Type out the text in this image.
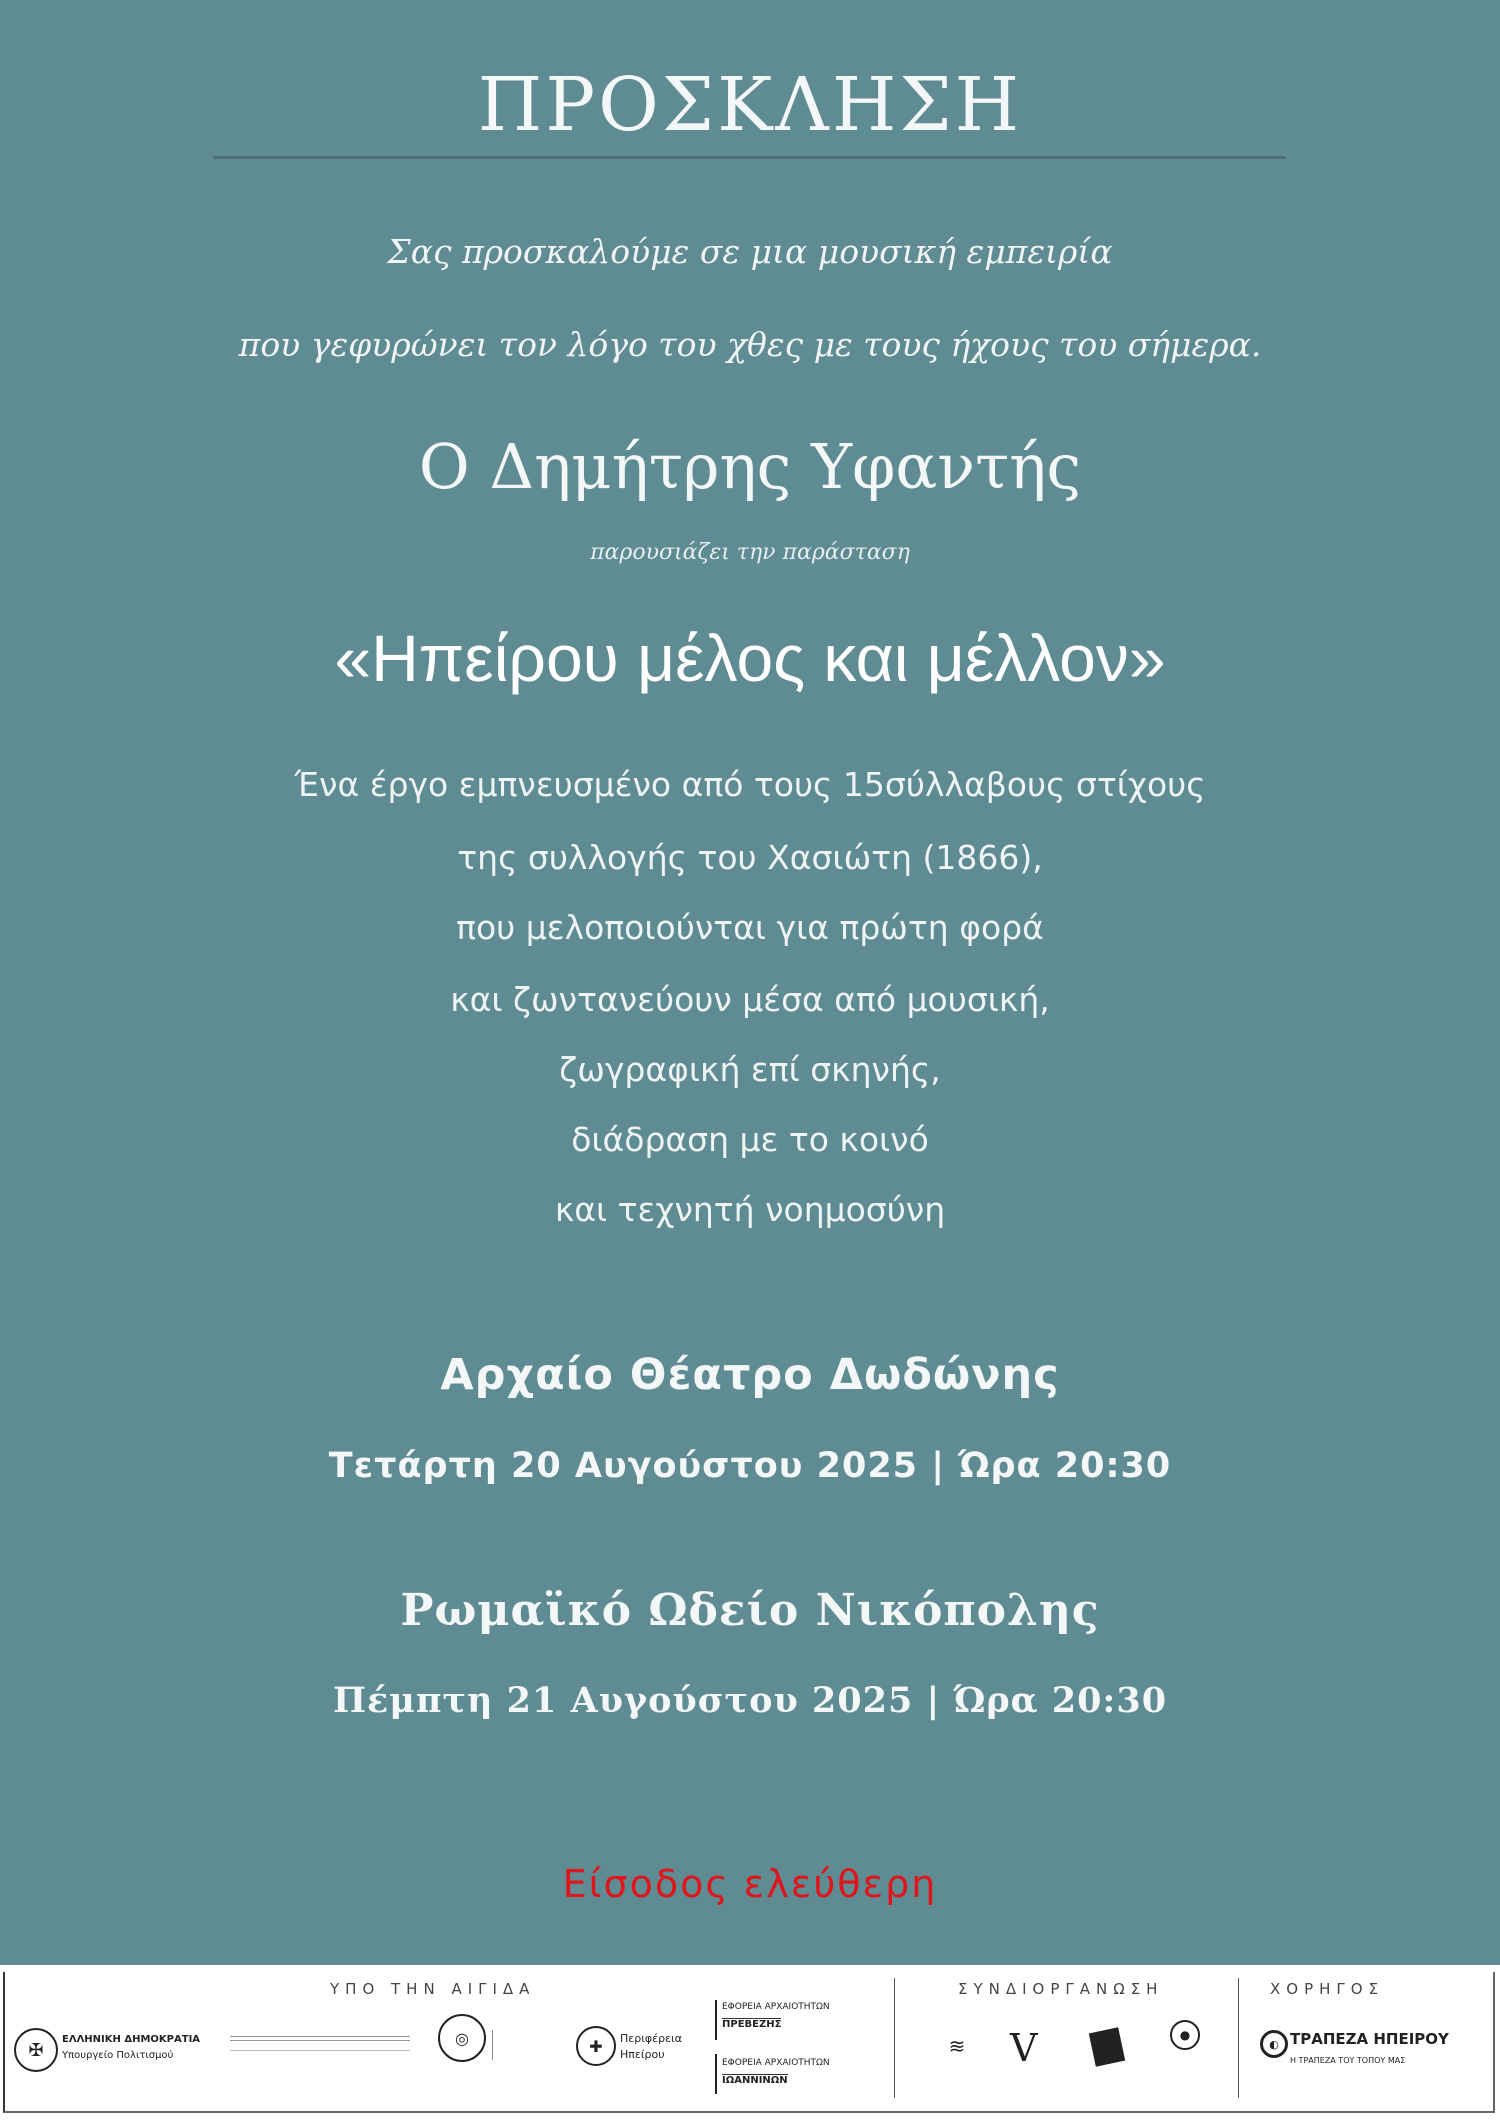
ΠΡΟΣΚΛΗΣΗ
Σας προσκαλούμε σε μια μουσική εμπειρία
που γεφυρώνει τον λόγο του χθες με τους ήχους του σήμερα.
Ο Δημήτρης Υφαντής
παρουσιάζει την παράσταση
«Ηπείρου μέλος και μέλλον»
Ένα έργο εμπνευσμένο από τους 15σύλλαβους στίχους
της συλλογής του Χασιώτη (1866),
που μελοποιούνται για πρώτη φορά
και ζωντανεύουν μέσα από μουσική,
ζωγραφική επί σκηνής,
διάδραση με το κοινό
και τεχνητή νοημοσύνη
Αρχαίο Θέατρο Δωδώνης
Τετάρτη 20 Αυγούστου 2025 | Ώρα 20:30
Ρωμαϊκό Ωδείο Νικόπολης
Πέμπτη 21 Αυγούστου 2025 | Ώρα 20:30
Είσοδος ελεύθερη
ΥΠΟ ΤΗΝ ΑΙΓΙΔΑ	ΣΥΝΔΙΟΡΓΑΝΩΣΗ	ΧΟΡΗΓΟΣ
✠	ΕΛΛΗΝΙΚΗ ΔΗΜΟΚΡΑΤΙΑ
Υπουργείο Πολιτισμού
◎	✚	Περιφέρεια
Ηπείρου
ΕΦΟΡΕΙΑ ΑΡΧΑΙΟΤΗΤΩΝ
ΠΡΕΒΕΖΗΣ
ΕΦΟΡΕΙΑ ΑΡΧΑΙΟΤΗΤΩΝ
ΙΩΑΝΝΙΝΩΝ
≋	V	●
◐ ΤΡΑΠΕΖΑ ΗΠΕΙΡΟΥ
Η ΤΡΑΠΕΖΑ ΤΟΥ ΤΟΠΟΥ ΜΑΣ
